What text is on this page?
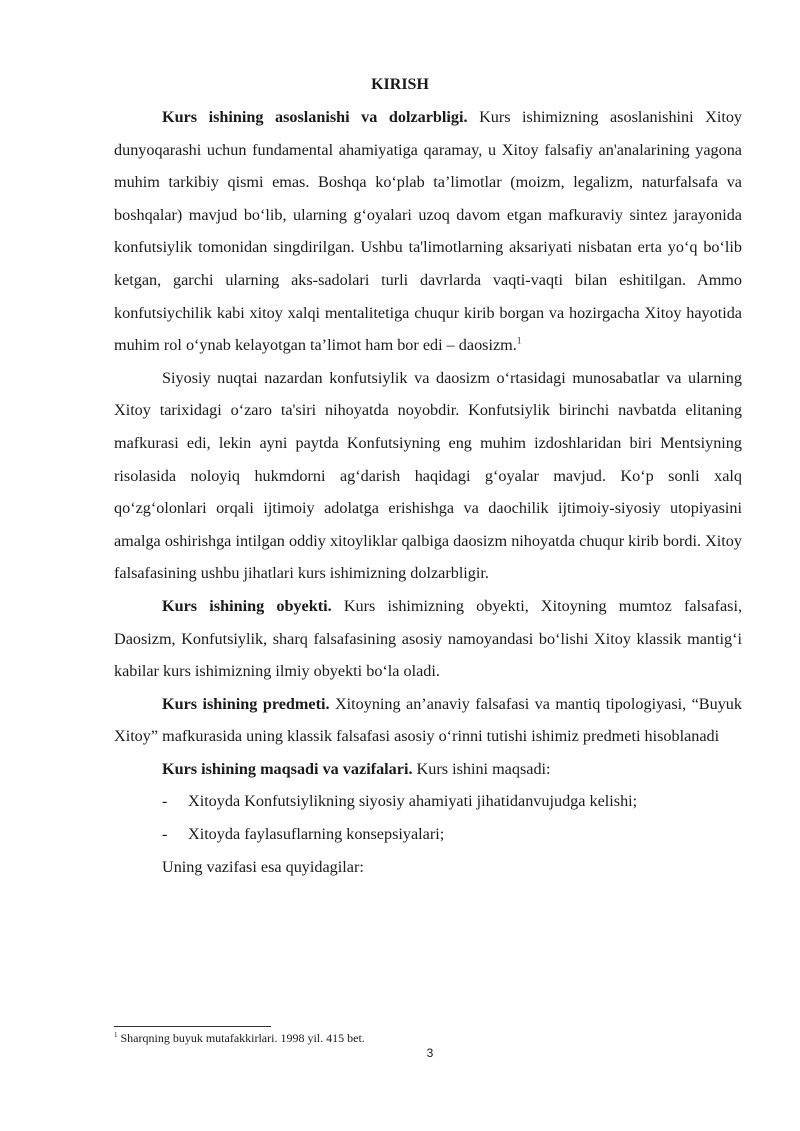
KIRISH

Kurs ishining asoslanishi va dolzarbligi. Kurs ishimizning asoslanishini Xitoy dunyoqarashi uchun fundamental ahamiyatiga qaramay, u Xitoy falsafiy an'analarining yagona muhim tarkibiy qismi emas. Boshqa ko‘plab ta’limotlar (moizm, legalizm, naturfalsafa va boshqalar) mavjud bo‘lib, ularning g‘oyalari uzoq davom etgan mafkuraviy sintez jarayonida konfutsiylik tomonidan singdirilgan. Ushbu ta'limotlarning aksariyati nisbatan erta yo‘q bo‘lib ketgan, garchi ularning aks-sadolari turli davrlarda vaqti-vaqti bilan eshitilgan. Ammo konfutsiychilik kabi xitoy xalqi mentalitetiga chuqur kirib borgan va hozirgacha Xitoy hayotida muhim rol o‘ynab kelayotgan ta’limot ham bor edi – daosizm.$^1$

Siyosiy nuqtai nazardan konfutsiylik va daosizm o‘rtasidagi munosabatlar va ularning Xitoy tarixidagi o‘zaro ta'siri nihoyatda noyobdir. Konfutsiylik birinchi navbatda elitaning mafkurasi edi, lekin ayni paytda Konfutsiyning eng muhim izdoshlaridan biri Mentsiyning risolasida noloyiq hukmdorni ag‘darish haqidagi g‘oyalar mavjud. Ko‘p sonli xalq qo‘zg‘olonlari orqali ijtimoiy adolatga erishishga va daochilik ijtimoiy-siyosiy utopiyasini amalga oshirishga intilgan oddiy xitoyliklar qalbiga daosizm nihoyatda chuqur kirib bordi. Xitoy falsafasining ushbu jihatlari kurs ishimizning dolzarbligir.

Kurs ishining obyekti. Kurs ishimizning obyekti, Xitoyning mumtoz falsafasi, Daosizm, Konfutsiylik, sharq falsafasining asosiy namoyandasi bo‘lishi Xitoy klassik mantig‘i kabilar kurs ishimizning ilmiy obyekti bo‘la oladi.

Kurs ishining predmeti. Xitoyning an’anaviy falsafasi va mantiq tipologiyasi, “Buyuk Xitoy” mafkurasida uning klassik falsafasi asosiy o‘rinni tutishi ishimiz predmeti hisoblanadi

Kurs ishining maqsadi va vazifalari. Kurs ishini maqsadi:

- Xitoyda Konfutsiylikning siyosiy ahamiyati jihatidanvujudga kelishi;

- Xitoyda faylasuflarning konsepsiyalari;

Uning vazifasi esa quyidagilar:

$^1$ Sharqning buyuk mutafakkirlari. 1998 yil. 415 bet.
3
